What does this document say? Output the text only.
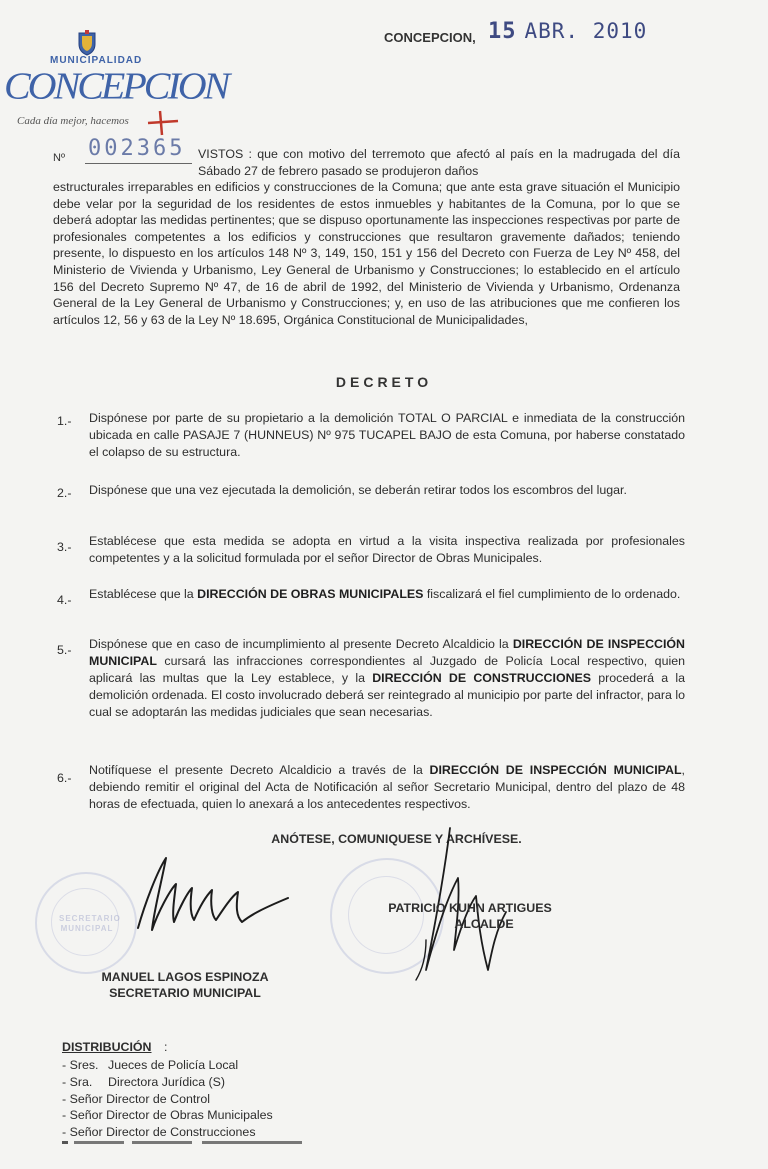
MUNICIPALIDAD
CONCEPCION
Cada día mejor, hacemos
CONCEPCION, 15 ABR. 2010
Nº 002365 VISTOS : que con motivo del terremoto que afectó al país en la madrugada del día Sábado 27 de febrero pasado se produjeron daños
estructurales irreparables en edificios y construcciones de la Comuna; que ante esta grave situación el Municipio debe velar por la seguridad de los residentes de estos inmuebles y habitantes de la Comuna, por lo que se deberá adoptar las medidas pertinentes; que se dispuso oportunamente las inspecciones respectivas por parte de profesionales competentes a los edificios y construcciones que resultaron gravemente dañados; teniendo presente, lo dispuesto en los artículos 148 Nº 3, 149, 150, 151 y 156 del Decreto con Fuerza de Ley Nº 458, del Ministerio de Vivienda y Urbanismo, Ley General de Urbanismo y Construcciones; lo establecido en el artículo 156 del Decreto Supremo Nº 47, de 16 de abril de 1992, del Ministerio de Vivienda y Urbanismo, Ordenanza General de la Ley General de Urbanismo y Construcciones; y, en uso de las atribuciones que me confieren los artículos 12, 56 y 63 de la Ley Nº 18.695, Orgánica Constitucional de Municipalidades,
DECRETO
1.- Dispónese por parte de su propietario a la demolición TOTAL O PARCIAL e inmediata de la construcción ubicada en calle PASAJE 7 (HUNNEUS) Nº 975 TUCAPEL BAJO de esta Comuna, por haberse constatado el colapso de su estructura.
2.- Dispónese que una vez ejecutada la demolición, se deberán retirar todos los escombros del lugar.
3.- Establécese que esta medida se adopta en virtud a la visita inspectiva realizada por profesionales competentes y a la solicitud formulada por el señor Director de Obras Municipales.
4.- Establécese que la DIRECCIÓN DE OBRAS MUNICIPALES fiscalizará el fiel cumplimiento de lo ordenado.
5.- Dispónese que en caso de incumplimiento al presente Decreto Alcaldicio la DIRECCIÓN DE INSPECCIÓN MUNICIPAL cursará las infracciones correspondientes al Juzgado de Policía Local respectivo, quien aplicará las multas que la Ley establece, y la DIRECCIÓN DE CONSTRUCCIONES procederá a la demolición ordenada. El costo involucrado deberá ser reintegrado al municipio por parte del infractor, para lo cual se adoptarán las medidas judiciales que sean necesarias.
6.-
Notifíquese el presente Decreto Alcaldicio a través de la DIRECCIÓN DE INSPECCIÓN MUNICIPAL, debiendo remitir el original del Acta de Notificación al señor Secretario Municipal, dentro del plazo de 48 horas de efectuada, quien lo anexará a los antecedentes respectivos.
ANÓTESE, COMUNIQUESE Y ARCHÍVESE.
SECRETARIO MUNICIPAL
PATRICIO KUHN ARTIGUES
ALCALDE
MANUEL LAGOS ESPINOZA
SECRETARIO MUNICIPAL
DISTRIBUCIÓN :
- Sres. Jueces de Policía Local
- Sra. Directora Jurídica (S)
- Señor Director de Control
- Señor Director de Obras Municipales
- Señor Director de Construcciones
